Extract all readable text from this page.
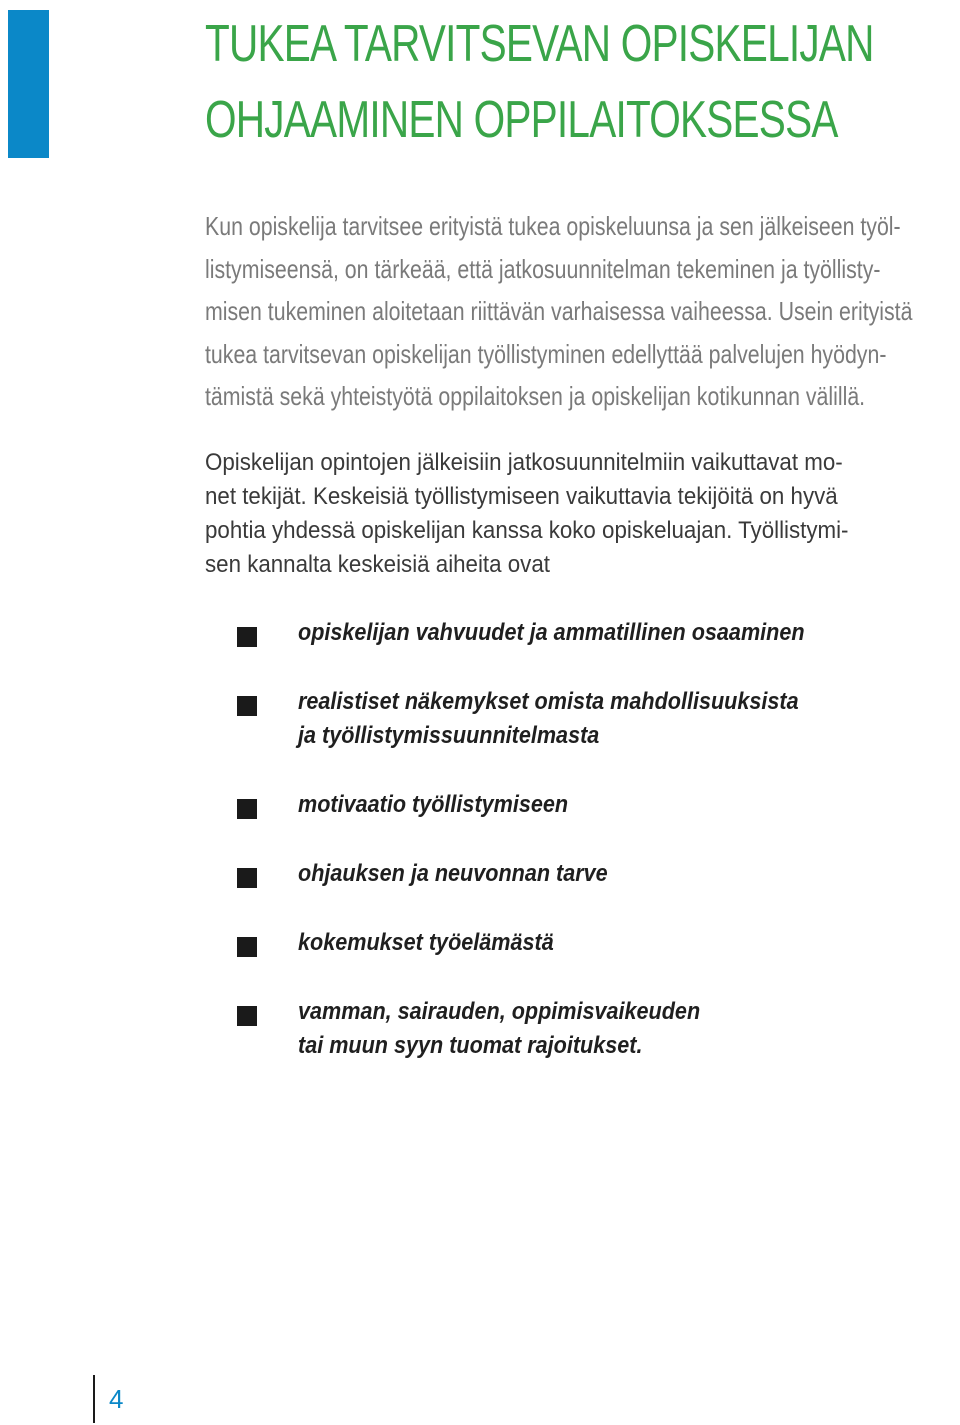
TUKEA TARVITSEVAN OPISKELIJAN
OHJAAMINEN OPPILAITOKSESSA

Kun opiskelija tarvitsee erityistä tukea opiskeluunsa ja sen jälkeiseen työl-
listymiseensä, on tärkeää, että jatkosuunnitelman tekeminen ja työllisty-
misen tukeminen aloitetaan riittävän varhaisessa vaiheessa. Usein erityistä
tukea tarvitsevan opiskelijan työllistyminen edellyttää palvelujen hyödyn-
tämistä sekä yhteistyötä oppilaitoksen ja opiskelijan kotikunnan välillä.

Opiskelijan opintojen jälkeisiin jatkosuunnitelmiin vaikuttavat mo-
net tekijät. Keskeisiä työllistymiseen vaikuttavia tekijöitä on hyvä
pohtia yhdessä opiskelijan kanssa koko opiskeluajan. Työllistymi-
sen kannalta keskeisiä aiheita ovat

opiskelijan vahvuudet ja ammatillinen osaaminen
realistiset näkemykset omista mahdollisuuksista
ja työllistymissuunnitelmasta
motivaatio työllistymiseen
ohjauksen ja neuvonnan tarve
kokemukset työelämästä
vamman, sairauden, oppimisvaikeuden
tai muun syyn tuomat rajoitukset.
4
